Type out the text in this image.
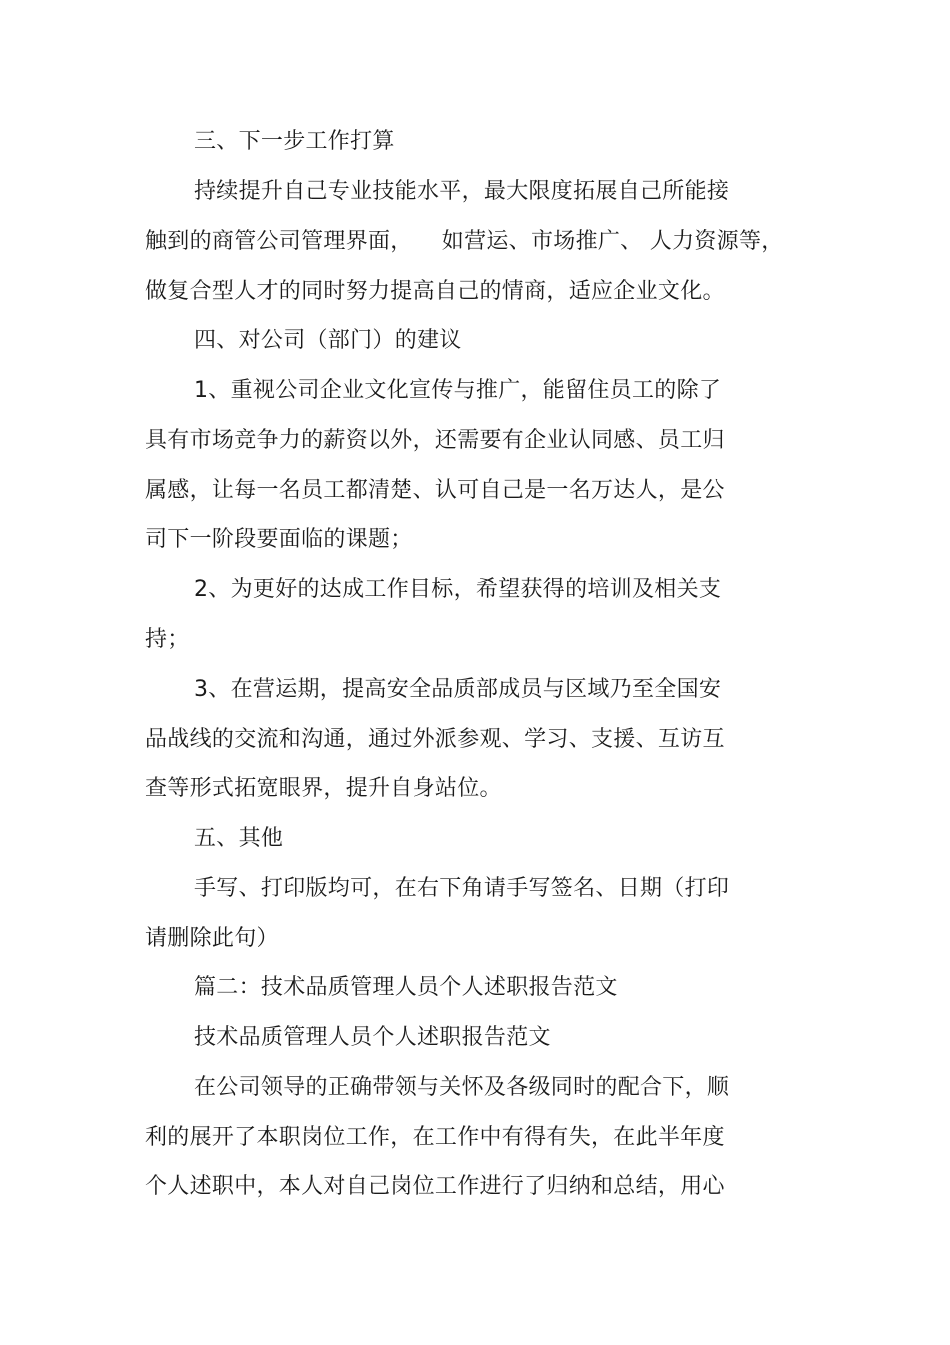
三、下一步工作打算
持续提升自己专业技能水平，最大限度拓展自己所能接
触到的商管公司管理界面，    如营运、市场推广、 人力资源等，
做复合型人才的同时努力提高自己的情商，适应企业文化。
四、对公司（部门）的建议
1、重视公司企业文化宣传与推广，能留住员工的除了
具有市场竞争力的薪资以外，还需要有企业认同感、员工归
属感，让每一名员工都清楚、认可自己是一名万达人，是公
司下一阶段要面临的课题；
2、为更好的达成工作目标，希望获得的培训及相关支
持；
3、在营运期，提高安全品质部成员与区域乃至全国安
品战线的交流和沟通，通过外派参观、学习、支援、互访互
查等形式拓宽眼界，提升自身站位。
五、其他
手写、打印版均可，在右下角请手写签名、日期（打印
请删除此句）
篇二：技术品质管理人员个人述职报告范文
技术品质管理人员个人述职报告范文
在公司领导的正确带领与关怀及各级同时的配合下，顺
利的展开了本职岗位工作，在工作中有得有失，在此半年度
个人述职中，本人对自己岗位工作进行了归纳和总结，用心
